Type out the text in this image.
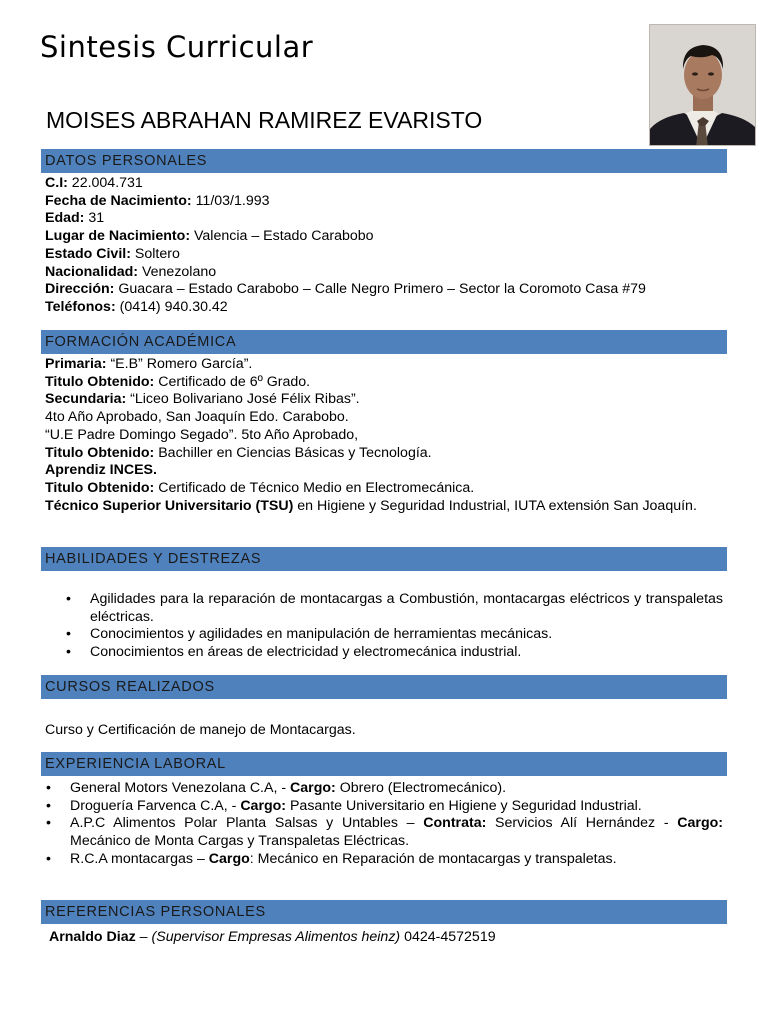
Sintesis Curricular
MOISES ABRAHAN RAMIREZ EVARISTO
DATOS PERSONALES

C.I: 22.004.731

Fecha de Nacimiento: 11/03/1.993

Edad: 31

Lugar de Nacimiento: Valencia – Estado Carabobo

Estado Civil: Soltero

Nacionalidad: Venezolano

Dirección: Guacara – Estado Carabobo – Calle Negro Primero – Sector la Coromoto Casa #79

Teléfonos: (0414) 940.30.42

FORMACIÓN ACADÉMICA

Primaria: “E.B” Romero García”.

Titulo Obtenido: Certificado de 6º Grado.

Secundaria: “Liceo Bolivariano José Félix Ribas”.

4to Año Aprobado, San Joaquín Edo. Carabobo.

“U.E Padre Domingo Segado”. 5to Año Aprobado,

Titulo Obtenido: Bachiller en Ciencias Básicas y Tecnología.

Aprendiz INCES.

Titulo Obtenido: Certificado de Técnico Medio en Electromecánica.

Técnico Superior Universitario (TSU) en Higiene y Seguridad Industrial, IUTA extensión San Joaquín.

HABILIDADES Y DESTREZAS
• Agilidades para la reparación de montacargas a Combustión, montacargas eléctricos y transpaletas eléctricas.
• Conocimientos y agilidades en manipulación de herramientas mecánicas.
• Conocimientos en áreas de electricidad y electromecánica industrial.
CURSOS REALIZADOS
Curso y Certificación de manejo de Montacargas.
EXPERIENCIA LABORAL
• General Motors Venezolana C.A, - Cargo: Obrero (Electromecánico).
• Droguería Farvenca C.A, - Cargo: Pasante Universitario en Higiene y Seguridad Industrial.
• A.P.C Alimentos Polar Planta Salsas y Untables – Contrata: Servicios Alí Hernández - Cargo: Mecánico de Monta Cargas y Transpaletas Eléctricas.
• R.C.A montacargas – Cargo: Mecánico en Reparación de montacargas y transpaletas.
REFERENCIAS PERSONALES
Arnaldo Diaz – (Supervisor Empresas Alimentos heinz) 0424-4572519
